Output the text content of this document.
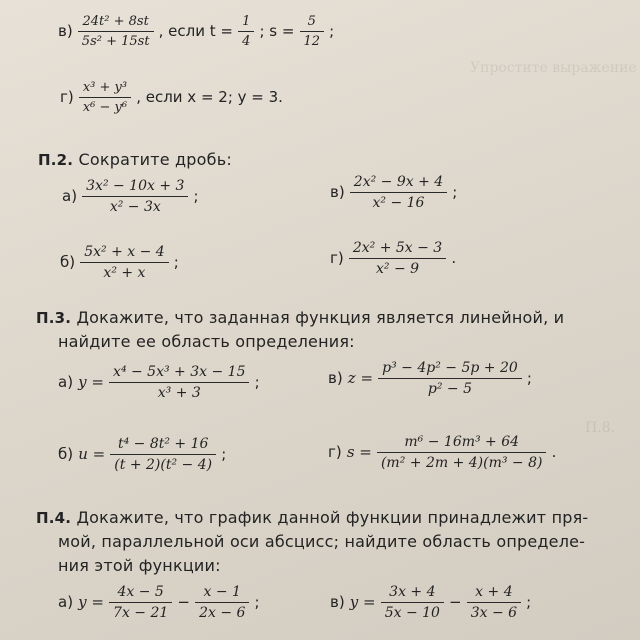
Упростите выражение
П.8.
$в) \frac{\text{24t² + 8st}}{\text{5s² + 15st}}$ , если $t = \frac{1}{4}$ ; $s = \frac{5}{12}$ ;
$г) \frac{\text{x³ + y³}}{\text{x⁶ − y⁶}}$ , если x = 2; y = 3.
П.2. Сократите дробь:
$а) \frac{\text{3x² − 10x + 3}}{\text{x² − 3x}}$ ;	$в) \frac{\text{2x² − 9x + 4}}{\text{x² − 16}}$ ;
$б) \frac{\text{5x² + x − 4}}{\text{x² + x}}$ ;	$г) \frac{\text{2x² + 5x − 3}}{\text{x² − 9}}$ .
П.3. Докажите, что заданная функция является линейной, и
найдите ее область определения:
а) $y = \frac{\text{x⁴ − 5x³ + 3x − 15}}{\text{x³ + 3}}$ ;	в) $z = \frac{\text{p³ − 4p² − 5p + 20}}{\text{p² − 5}}$ ;
б) $u = \frac{\text{t⁴ − 8t² + 16}}{\text{(t + 2)(t² − 4)}}$ ;	г) $s = \frac{\text{m⁶ − 16m³ + 64}}{\text{(m² + 2m + 4)(m³ − 8)}}$ .
П.4. Докажите, что график данной функции принадлежит пря-
мой, параллельной оси абсцисс; найдите область определе-
ния этой функции:
а) $y = \frac{4x - 5}{7x - 21} - \frac{x - 1}{2x - 6}$ ;	в) $y = \frac{3x + 4}{5x - 10} - \frac{x + 4}{3x - 6}$ ;
